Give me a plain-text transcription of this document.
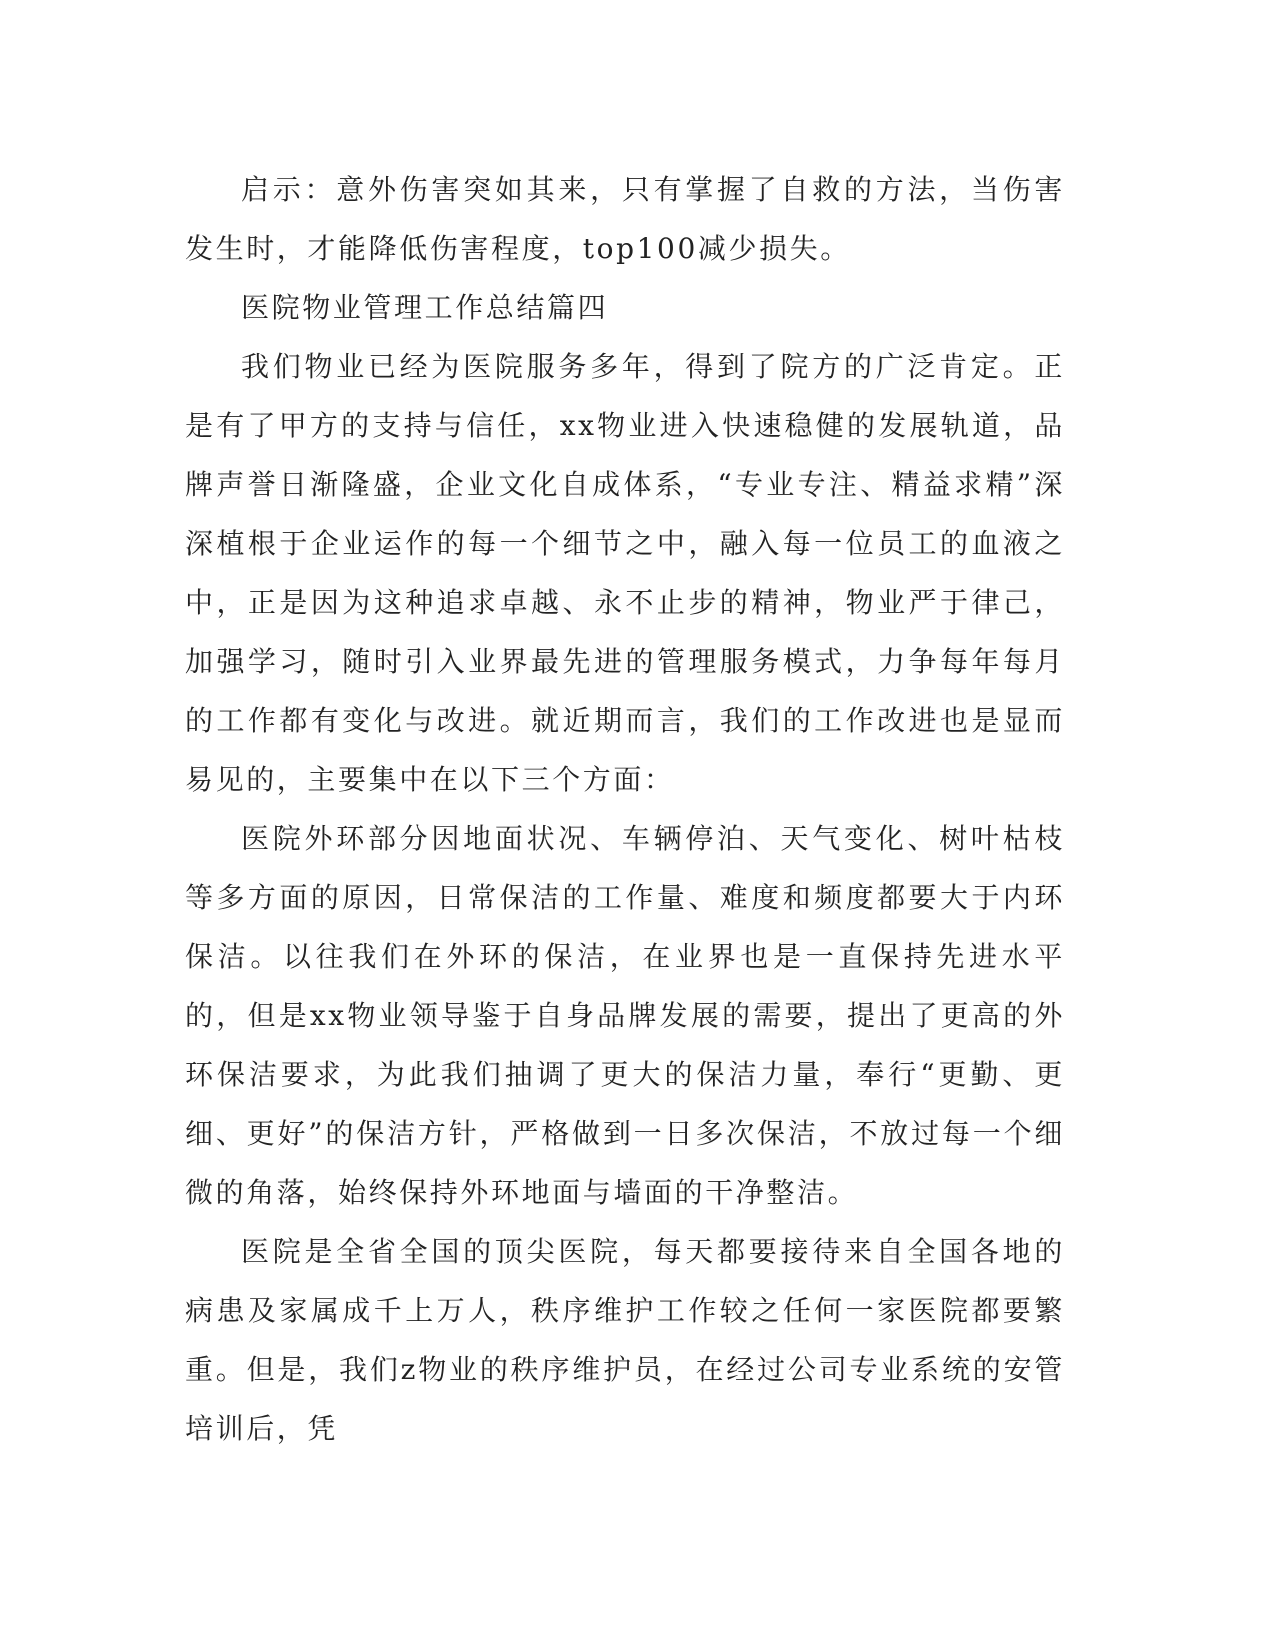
启示：意外伤害突如其来，只有掌握了自救的方法，当伤害发生时，才能降低伤害程度，top100减少损失。

医院物业管理工作总结篇四

我们物业已经为医院服务多年，得到了院方的广泛肯定。正是有了甲方的支持与信任，xx物业进入快速稳健的发展轨道，品牌声誉日渐隆盛，企业文化自成体系，“专业专注、精益求精”深深植根于企业运作的每一个细节之中，融入每一位员工的血液之中，正是因为这种追求卓越、永不止步的精神，物业严于律己，加强学习，随时引入业界最先进的管理服务模式，力争每年每月的工作都有变化与改进。就近期而言，我们的工作改进也是显而易见的，主要集中在以下三个方面：

医院外环部分因地面状况、车辆停泊、天气变化、树叶枯枝等多方面的原因，日常保洁的工作量、难度和频度都要大于内环保洁。以往我们在外环的保洁，在业界也是一直保持先进水平的，但是xx物业领导鉴于自身品牌发展的需要，提出了更高的外环保洁要求，为此我们抽调了更大的保洁力量，奉行“更勤、更细、更好”的保洁方针，严格做到一日多次保洁，不放过每一个细微的角落，始终保持外环地面与墙面的干净整洁。

医院是全省全国的顶尖医院，每天都要接待来自全国各地的病患及家属成千上万人，秩序维护工作较之任何一家医院都要繁重。但是，我们z物业的秩序维护员，在经过公司专业系统的安管培训后，凭
